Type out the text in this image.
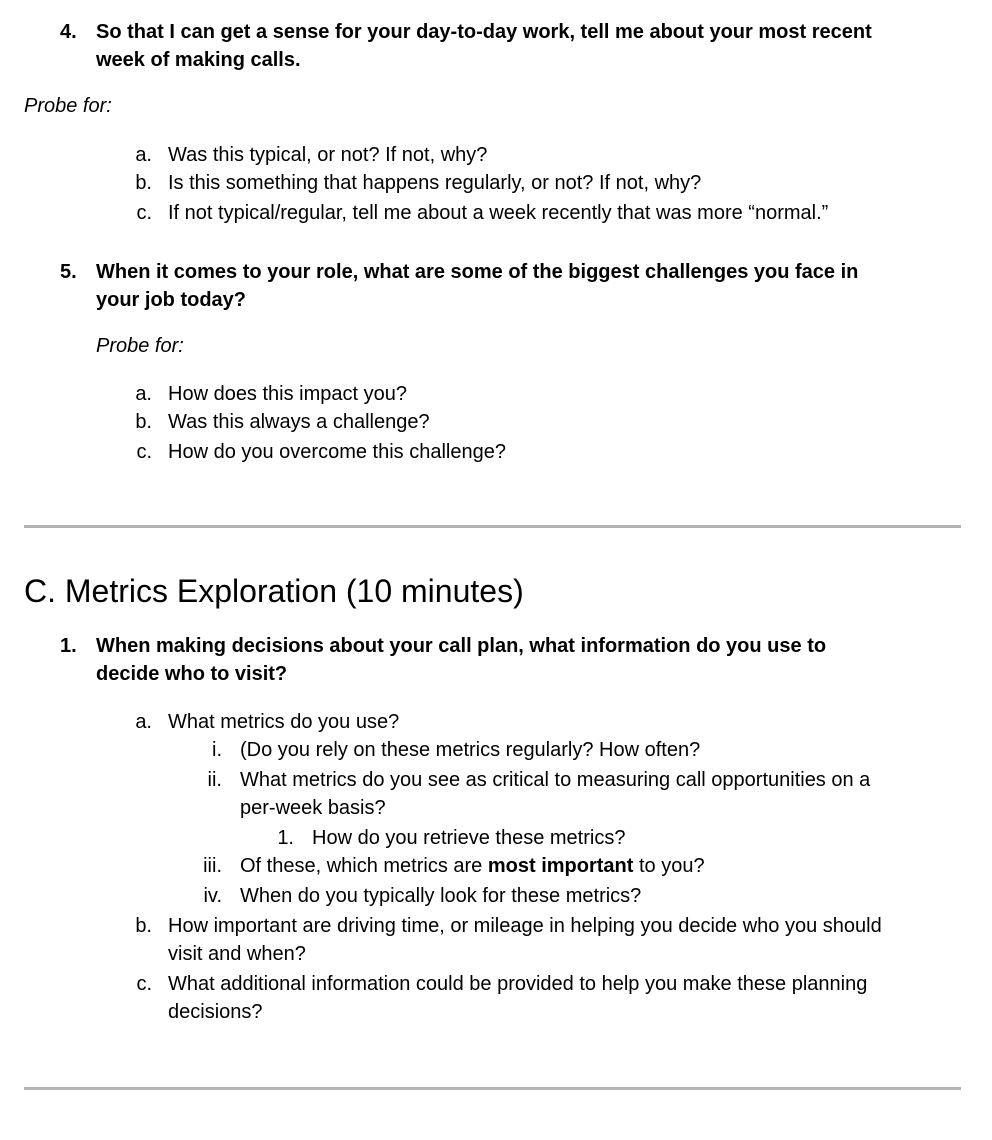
4. So that I can get a sense for your day-to-day work, tell me about your most recent
week of making calls.
Probe for:
a. Was this typical, or not? If not, why?
b. Is this something that happens regularly, or not? If not, why?
c. If not typical/regular, tell me about a week recently that was more “normal.”
5. When it comes to your role, what are some of the biggest challenges you face in
your job today?
Probe for:
a. How does this impact you?
b. Was this always a challenge?
c. How do you overcome this challenge?
C. Metrics Exploration (10 minutes)
1. When making decisions about your call plan, what information do you use to
decide who to visit?
a. What metrics do you use?
i. (Do you rely on these metrics regularly? How often?
ii. What metrics do you see as critical to measuring call opportunities on a
per-week basis?
1. How do you retrieve these metrics?
iii. Of these, which metrics are most important to you?
iv. When do you typically look for these metrics?
b. How important are driving time, or mileage in helping you decide who you should
visit and when?
c. What additional information could be provided to help you make these planning
decisions?
